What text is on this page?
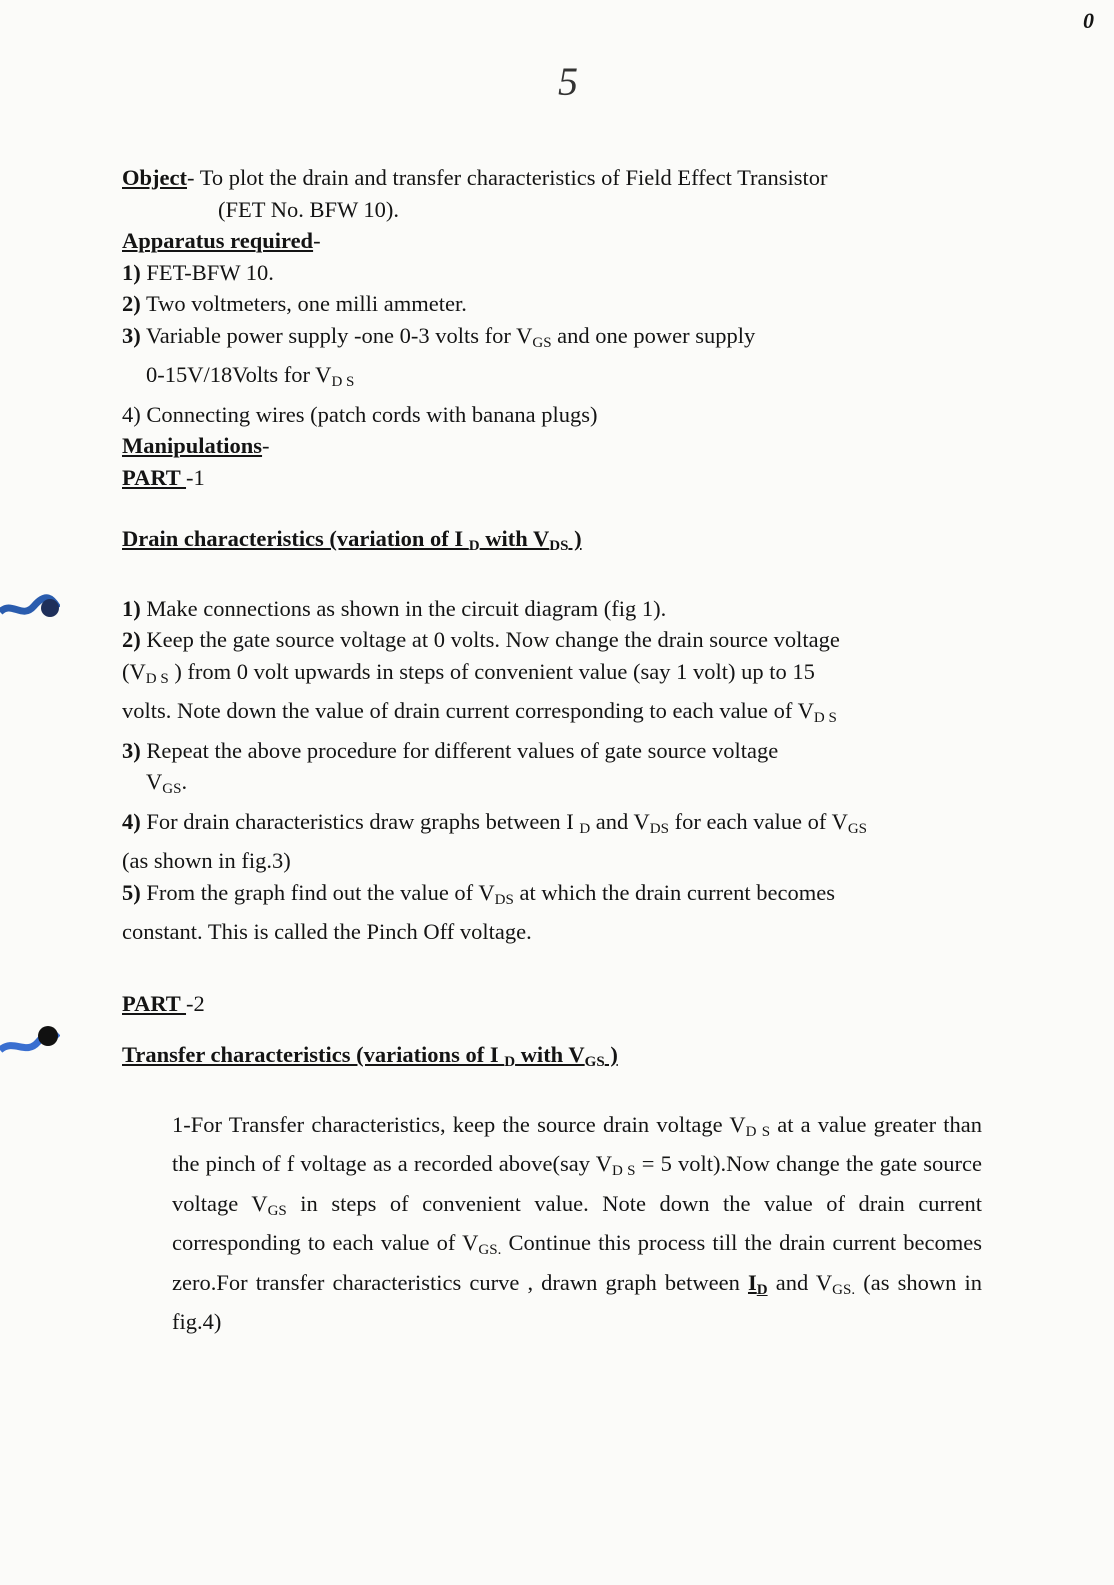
0
5
Object- To plot the drain and transfer characteristics of Field Effect Transistor
(FET No. BFW 10).
Apparatus required-
1) FET-BFW 10.
2) Two voltmeters, one milli ammeter.
3) Variable power supply -one 0-3 volts for $V_{GS}$ and one power supply
0-15V/18Volts for $V_{D S}$
4) Connecting wires (patch cords with banana plugs)
Manipulations-
PART -1
Drain characteristics (variation of I $_D$ with $V_{DS}$ )
1) Make connections as shown in the circuit diagram (fig 1).
2) Keep the gate source voltage at 0 volts. Now change the drain source voltage
($V_{D S}$ ) from 0 volt upwards in steps of convenient value (say 1 volt) up to 15
volts. Note down the value of drain current corresponding to each value of $V_{D S}$
3) Repeat the above procedure for different values of gate source voltage
$V_{GS}$.
4) For drain characteristics draw graphs between I $_D$ and $V_{DS}$ for each value of $V_{GS}$
(as shown in fig.3)
5) From the graph find out the value of $V_{DS}$ at which the drain current becomes
constant. This is called the Pinch Off voltage.
PART -2
Transfer characteristics (variations of I $_D$ with $V_{GS}$ )
1-For Transfer characteristics, keep the source drain voltage $V_{D S}$ at a value greater than the pinch of f voltage as a recorded above(say $V_{D S} = 5$ volt).Now change the gate source voltage $V_{GS}$ in steps of convenient value. Note down the value of drain current corresponding to each value of $V_{GS.}$ Continue this process till the drain current becomes zero.For transfer characteristics curve , drawn graph between $I_D$ and $V_{GS.}$ (as shown in fig.4)
